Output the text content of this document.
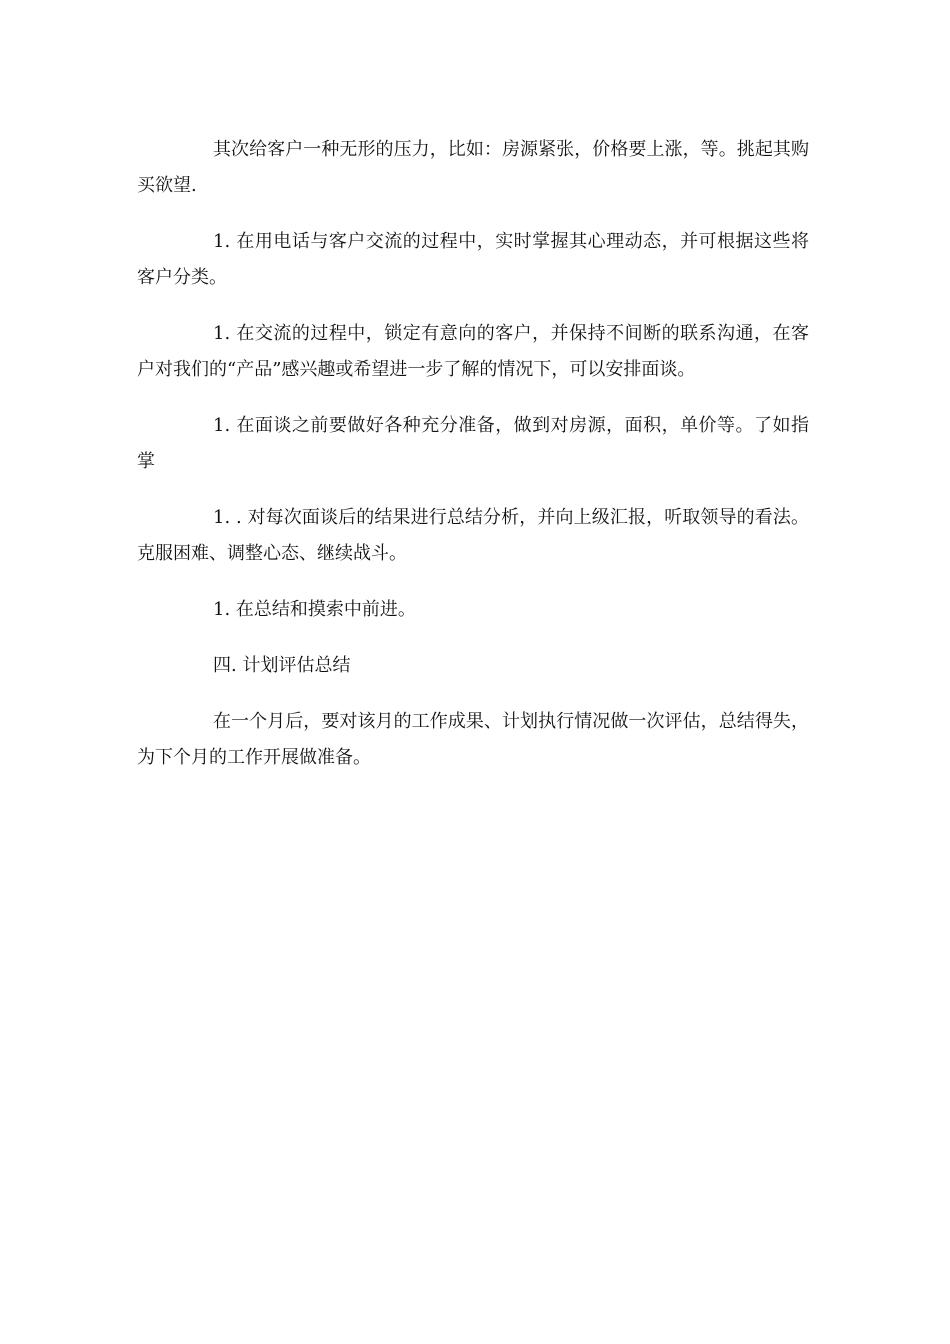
其次给客户一种无形的压力，比如：房源紧张，价格要上涨，等。挑起其购买欲望.

1. 在用电话与客户交流的过程中，实时掌握其心理动态，并可根据这些将客户分类。

1. 在交流的过程中，锁定有意向的客户，并保持不间断的联系沟通，在客户对我们的“产品”感兴趣或希望进一步了解的情况下，可以安排面谈。

1. 在面谈之前要做好各种充分准备，做到对房源，面积，单价等。了如指掌

1. . 对每次面谈后的结果进行总结分析，并向上级汇报，听取领导的看法。克服困难、调整心态、继续战斗。

1. 在总结和摸索中前进。

四. 计划评估总结

在一个月后，要对该月的工作成果、计划执行情况做一次评估，总结得失，为下个月的工作开展做准备。
